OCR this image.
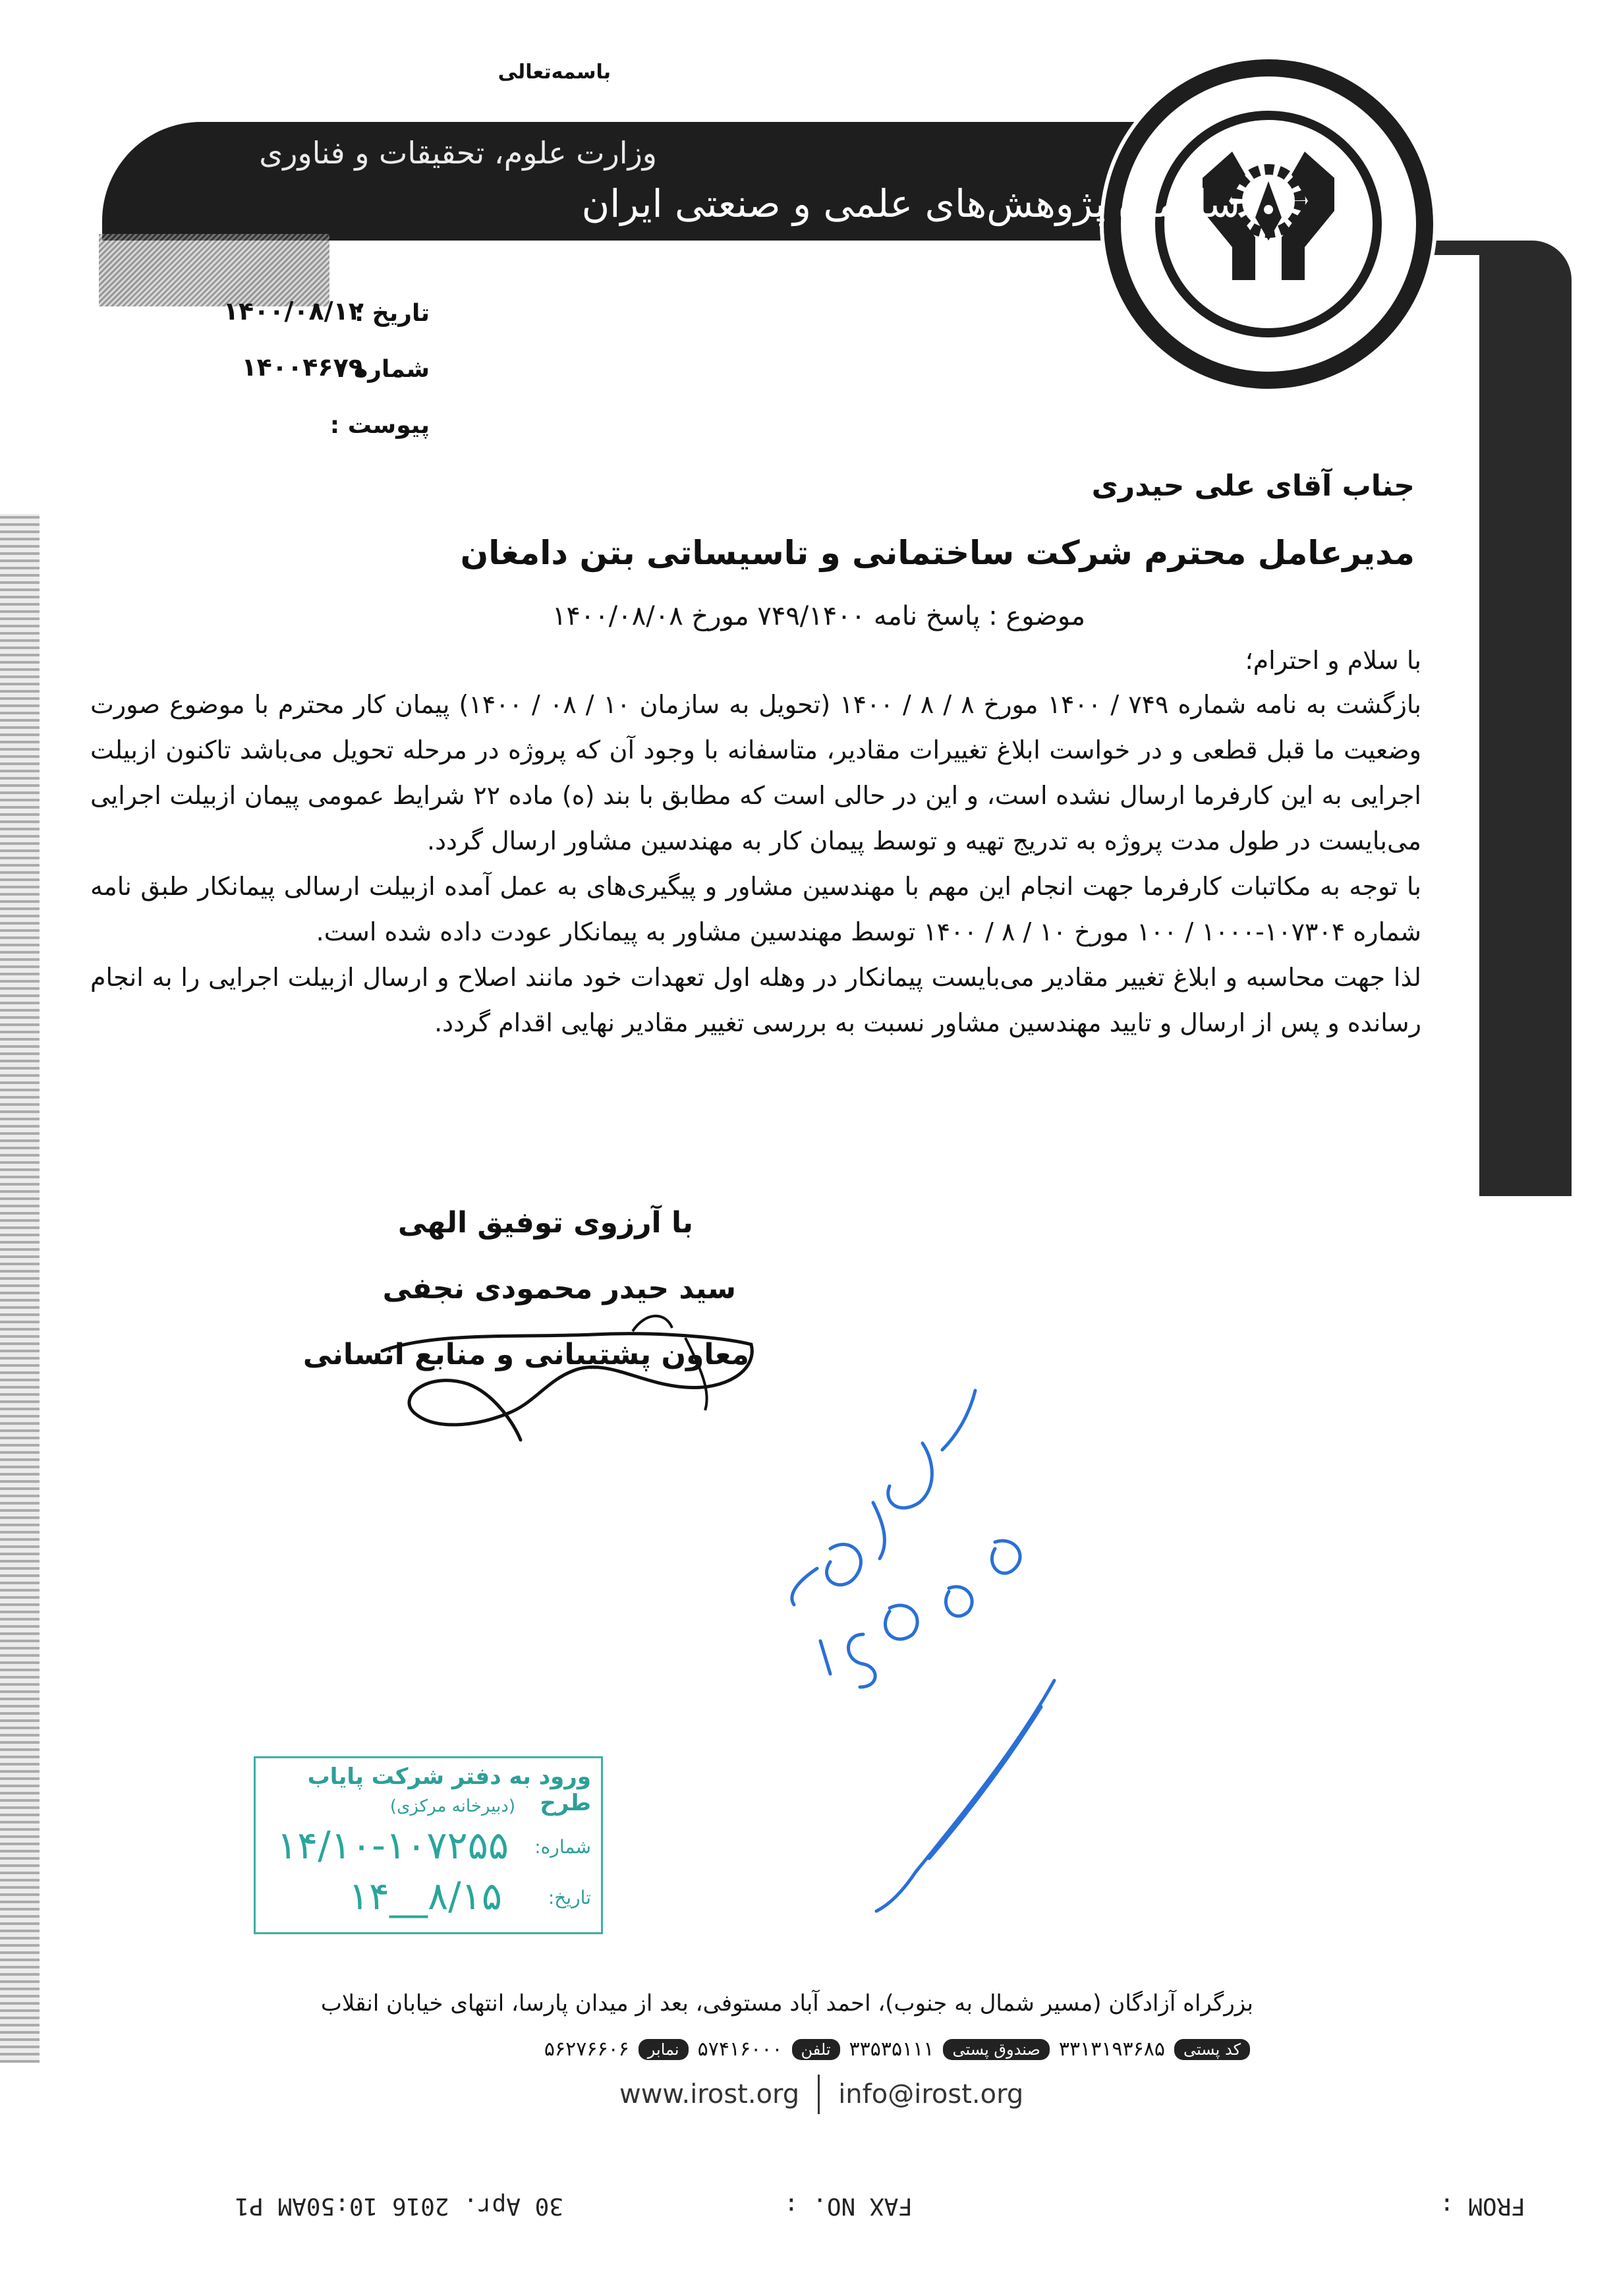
باسمه‌تعالی
وزارت علوم، تحقیقات و فناوری
سازمان پژوهش‌های علمی و صنعتی ایران
تاریخ :
۱۴۰۰/۰۸/۱۲
شماره :
۱۴۰۰۴۶۷۹
پیوست :
جناب آقای علی حیدری
مدیرعامل محترم شرکت ساختمانی و تاسیساتی بتن دامغان
موضوع : پاسخ نامه ۷۴۹/۱۴۰۰ مورخ ۱۴۰۰/۰۸/۰۸
با سلام و احترام؛

بازگشت به نامه شماره ۷۴۹ / ۱۴۰۰ مورخ ۸ / ۸ / ۱۴۰۰ (تحویل به سازمان ۱۰ / ۰۸ / ۱۴۰۰) پیمان کار محترم با موضوع صورت وضعیت ما قبل قطعی و در خواست ابلاغ تغییرات مقادیر، متاسفانه با وجود آن که پروژه در مرحله تحویل می‌باشد تاکنون ازبیلت اجرایی به این کارفرما ارسال نشده است، و این در حالی است که مطابق با بند (ه) ماده ۲۲ شرایط عمومی پیمان ازبیلت اجرایی می‌بایست در طول مدت پروژه به تدریج تهیه و توسط پیمان کار به مهندسین مشاور ارسال گردد.

با توجه به مکاتبات کارفرما جهت انجام این مهم با مهندسین مشاور و پیگیری‌های به عمل آمده ازبیلت ارسالی پیمانکار طبق نامه شماره ۱۰۷۳۰۴-۱۰۰۰ / ۱۰۰ مورخ ۱۰ / ۸ / ۱۴۰۰ توسط مهندسین مشاور به پیمانکار عودت داده شده است.

لذا جهت محاسبه و ابلاغ تغییر مقادیر می‌بایست پیمانکار در وهله اول تعهدات خود مانند اصلاح و ارسال ازبیلت اجرایی را به انجام رسانده و پس از ارسال و تایید مهندسین مشاور نسبت به بررسی تغییر مقادیر نهایی اقدام گردد.

با آرزوی توفیق الهی
سید حیدر محمودی نجفی
معاون پشتیبانی و منابع انسانی
ورود به دفتر شرکت پایاب طرح
(دبیرخانه مرکزی)
شماره:
۱۴/۱۰-۱۰۷۲۵۵
تاریخ:
۱۴__۸/۱۵
بزرگراه آزادگان (مسیر شمال به جنوب)، احمد آباد مستوفی، بعد از میدان پارسا، انتهای خیابان انقلاب
کد پستی
۳۳۱۳۱۹۳۶۸۵
صندوق پستی
۳۳۵۳۵۱۱۱
تلفن
۵۷۴۱۶۰۰۰
نمابر
۵۶۲۷۶۶۰۶
www.irost.org info@irost.org
FROM :
FAX NO. :
30 Apr. 2016 10:50AM P1
